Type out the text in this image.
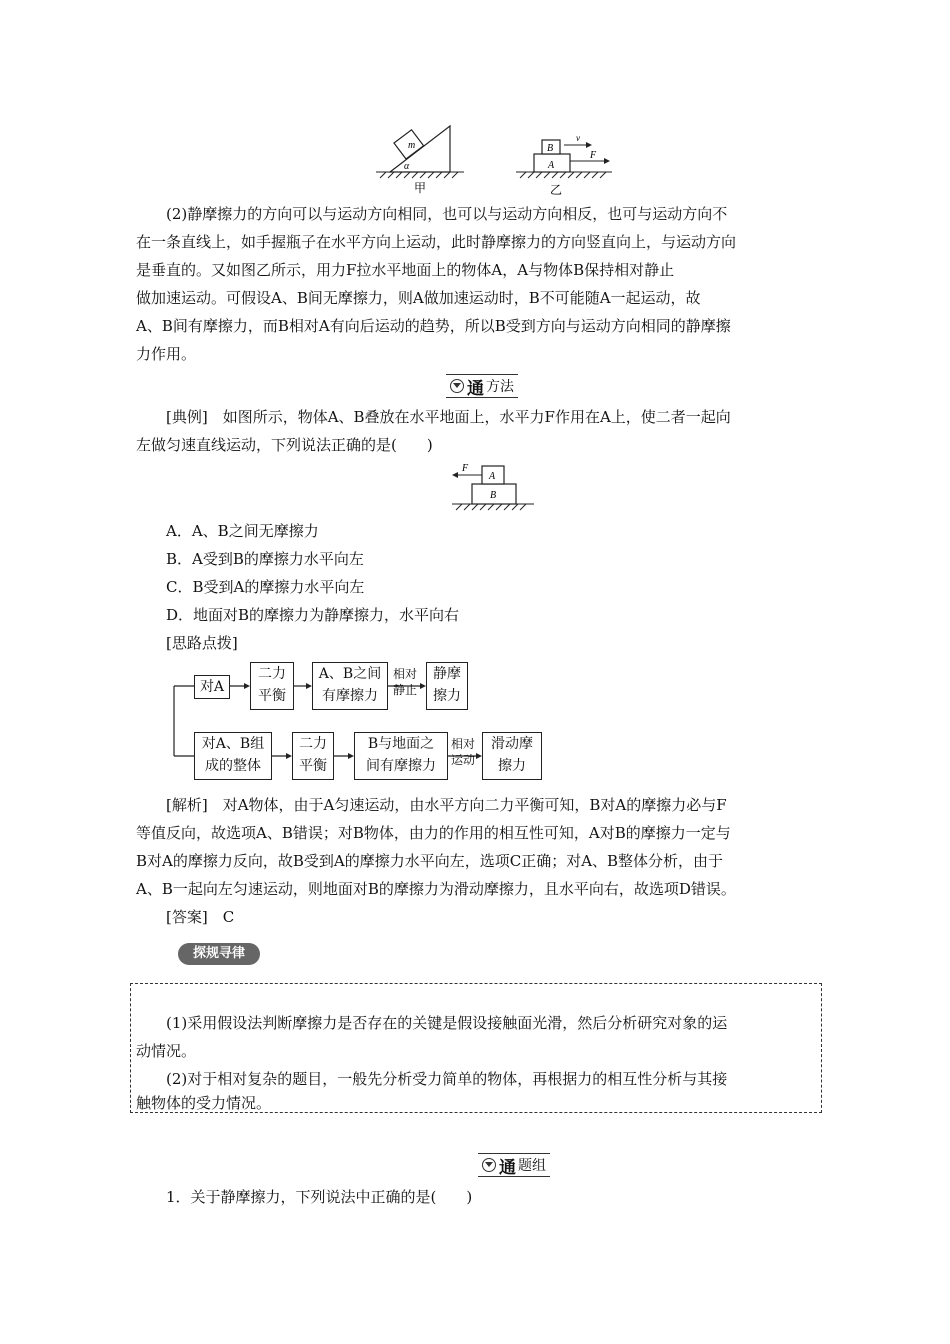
m
α
甲
B
A
v
F
乙
(2)静摩擦力的方向可以与运动方向相同，也可以与运动方向相反，也可与运动方向不
在一条直线上，如手握瓶子在水平方向上运动，此时静摩擦力的方向竖直向上，与运动方向
是垂直的。又如图乙所示，用力F拉水平地面上的物体A，A与物体B保持相对静止
做加速运动。可假设A、B间无摩擦力，则A做加速运动时，B不可能随A一起运动，故
A、B间有摩擦力，而B相对A有向后运动的趋势，所以B受到方向与运动方向相同的静摩擦
力作用。
通 方法
[典例]　如图所示，物体A、B叠放在水平地面上，水平力F作用在A上，使二者一起向
左做匀速直线运动，下列说法正确的是(　　)
A
B
F
A．A、B之间无摩擦力
B．A受到B的摩擦力水平向左
C．B受到A的摩擦力水平向左
D．地面对B的摩擦力为静摩擦力，水平向右
[思路点拨]
对A
二力
平衡
A、B之间
有摩擦力
相对
静止
静摩
擦力
对A、B组
成的整体
二力
平衡
B与地面之
间有摩擦力
相对
运动
滑动摩
擦力
[解析]　对A物体，由于A匀速运动，由水平方向二力平衡可知，B对A的摩擦力必与F
等值反向，故选项A、B错误；对B物体，由力的作用的相互性可知，A对B的摩擦力一定与
B对A的摩擦力反向，故B受到A的摩擦力水平向左，选项C正确；对A、B整体分析，由于
A、B一起向左匀速运动，则地面对B的摩擦力为滑动摩擦力，且水平向右，故选项D错误。
[答案]　C
探规寻律
(1)采用假设法判断摩擦力是否存在的关键是假设接触面光滑，然后分析研究对象的运
动情况。
(2)对于相对复杂的题目，一般先分析受力简单的物体，再根据力的相互性分析与其接
触物体的受力情况。
通 题组
1．关于静摩擦力，下列说法中正确的是(　　)
